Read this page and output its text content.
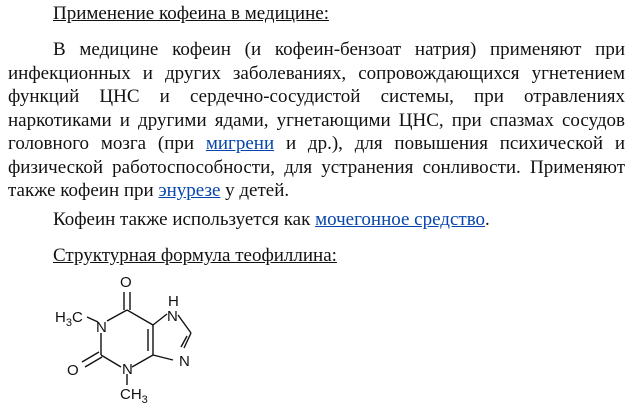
Применение кофеина в медицине:

В медицине кофеин (и кофеин-бензоат натрия) применяют при инфекционных и других заболеваниях, сопровождающихся угнетением функций ЦНС и сердечно-сосудистой системы, при отравлениях наркотиками и другими ядами, угнетающими ЦНС, при спазмах сосудов головного мозга (при мигрени и др.), для повышения психической и физической работоспособности, для устранения сонливости. Применяют также кофеин при энурезе у детей.

Кофеин также используется как мочегонное средство.

Структурная формула теофиллина:
O
H
N
N
N
N
O
$H_3C$
$CH_3$
